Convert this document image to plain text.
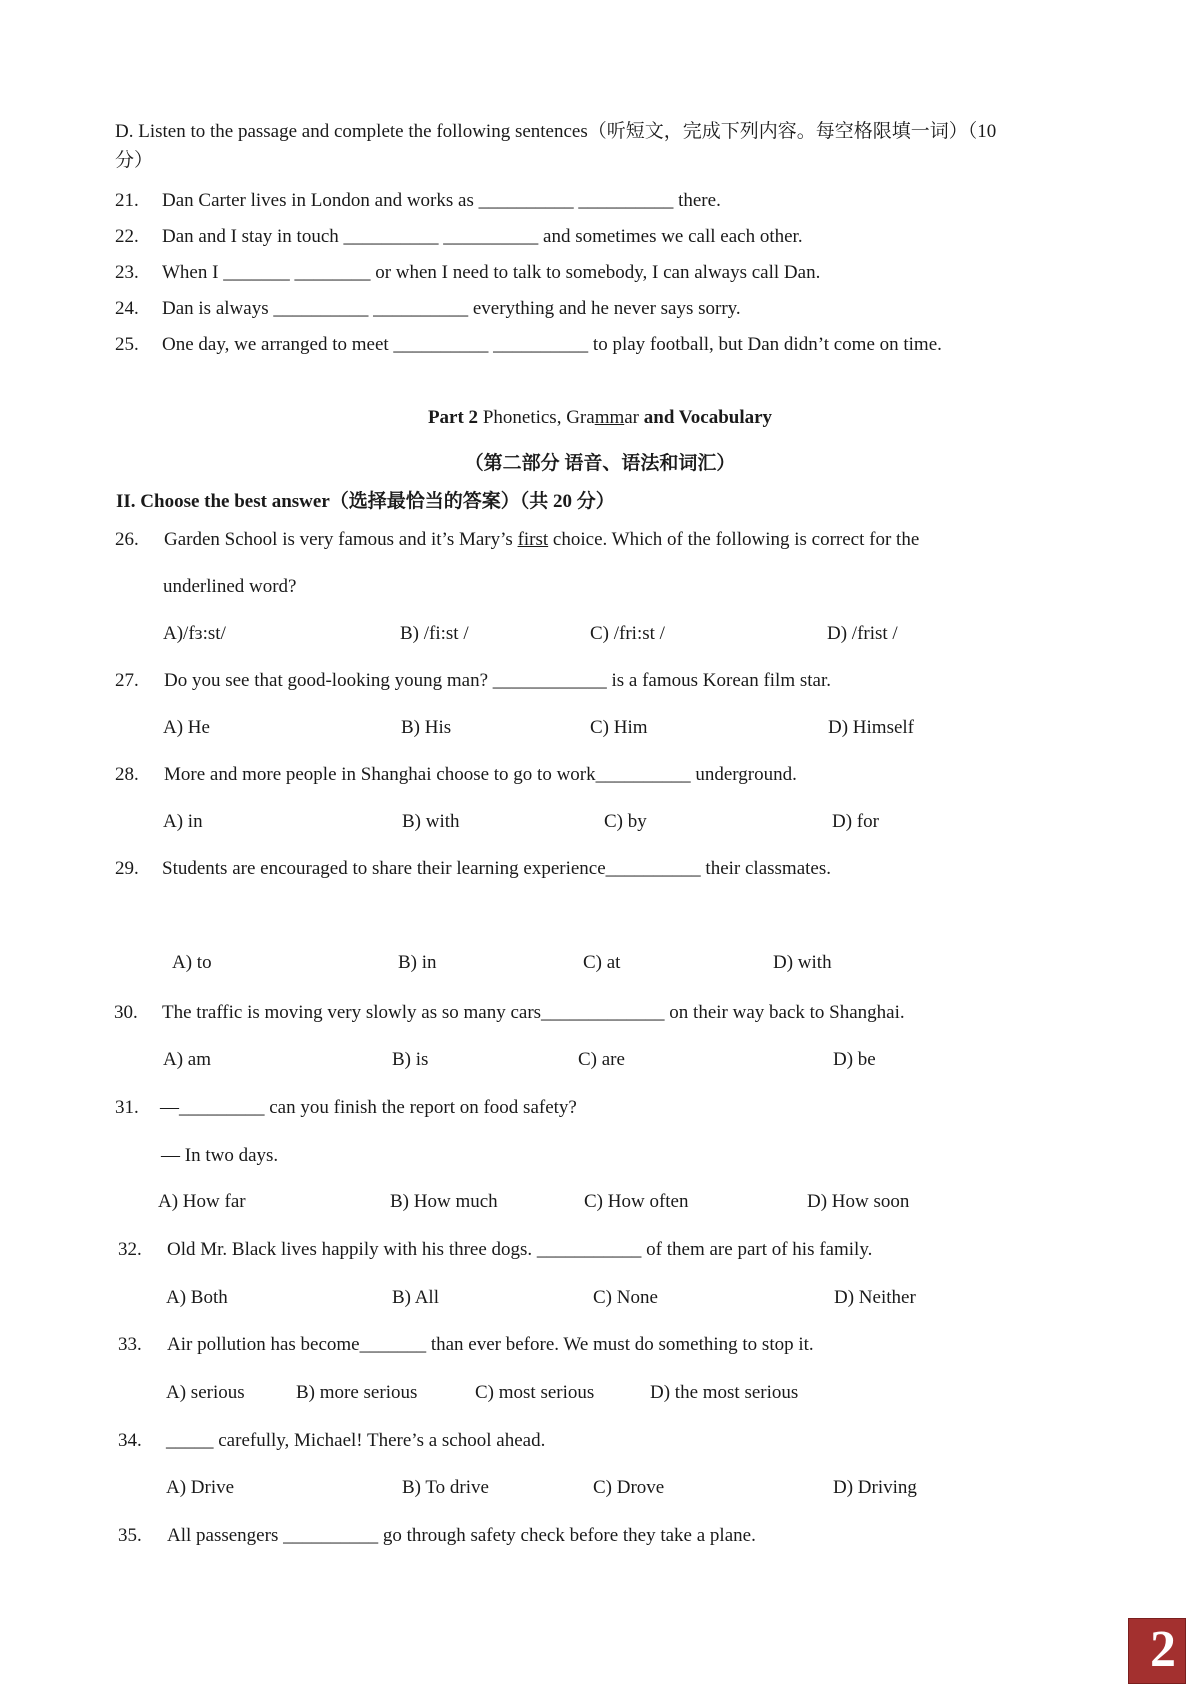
D. Listen to the passage and complete the following sentences（听短文，完成下列内容。每空格限填一词）（10
分）
21. Dan Carter lives in London and works as __________ __________ there.
22. Dan and I stay in touch __________ __________ and sometimes we call each other.
23. When I _______ ________ or when I need to talk to somebody, I can always call Dan.
24. Dan is always __________ __________ everything and he never says sorry.
25. One day, we arranged to meet __________ __________ to play football, but Dan didn’t come on time.
Part 2 Phonetics, Grammar and Vocabulary
（第二部分 语音、语法和词汇）
II. Choose the best answer（选择最恰当的答案）（共 20 分）
26. Garden School is very famous and it’s Mary’s first choice. Which of the following is correct for the
underlined word?
A)/fɜ:st/	B) /fi:st /	C) /fri:st /	D) /frist /
27. Do you see that good-looking young man? ____________ is a famous Korean film star.
A) He	B) His	C) Him	D) Himself
28. More and more people in Shanghai choose to go to work__________ underground.
A) in	B) with	C) by	D) for
29. Students are encouraged to share their learning experience__________ their classmates.
A) to	B) in	C) at	D) with
30. The traffic is moving very slowly as so many cars_____________ on their way back to Shanghai.
A) am	B) is	C) are	D) be
31. —_________ can you finish the report on food safety?
— In two days.
A) How far	B) How much	C) How often	D) How soon
32. Old Mr. Black lives happily with his three dogs. ___________ of them are part of his family.
A) Both	B) All	C) None	D) Neither
33. Air pollution has become_______ than ever before. We must do something to stop it.
A) serious	B) more serious	C) most serious	D) the most serious
34. _____ carefully, Michael! There’s a school ahead.
A) Drive	B) To drive	C) Drove	D) Driving
35. All passengers __________ go through safety check before they take a plane.
2
